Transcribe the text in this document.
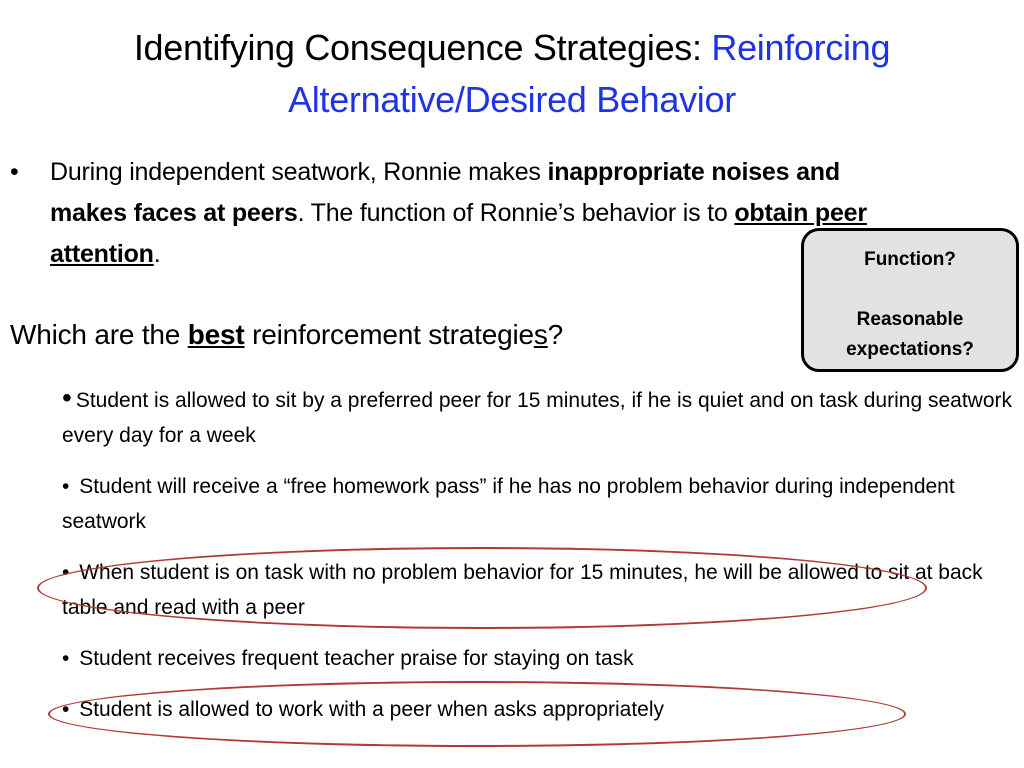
Identifying Consequence Strategies: Reinforcing Alternative/Desired Behavior
• During independent seatwork, Ronnie makes inappropriate noises and makes faces at peers. The function of Ronnie’s behavior is to obtain peer attention.
Which are the best reinforcement strategies?
Function?
Reasonable
expectations?
• Student is allowed to sit by a preferred peer for 15 minutes, if he is quiet and on task during seatwork every day for a week
• Student will receive a “free homework pass” if he has no problem behavior during independent seatwork
• When student is on task with no problem behavior for 15 minutes, he will be allowed to sit at back table and read with a peer
• Student receives frequent teacher praise for staying on task
• Student is allowed to work with a peer when asks appropriately
